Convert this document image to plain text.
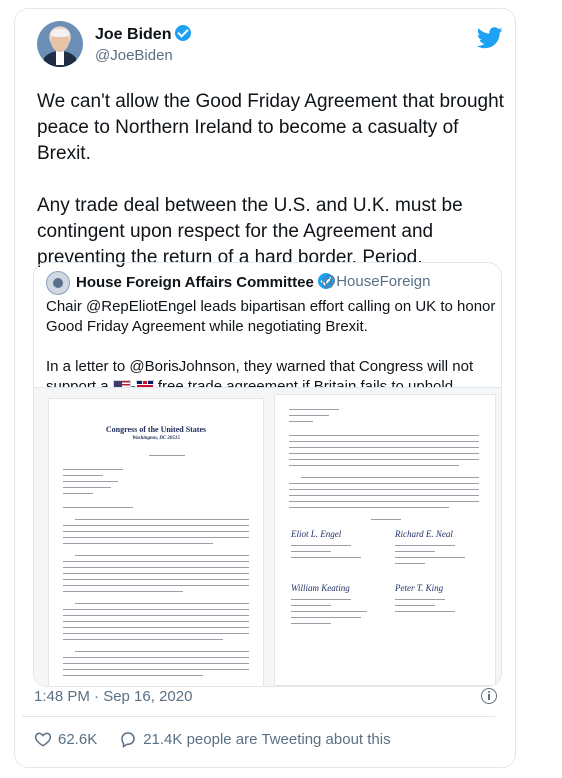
Joe Biden
@JoeBiden
We can't allow the Good Friday Agreement that brought peace to Northern Ireland to become a casualty of Brexit.

Any trade deal between the U.S. and U.K. must be contingent upon respect for the Agreement and preventing the return of a hard border. Period.
House Foreign Affairs Committee @HouseForeign
Chair @RepEliotEngel leads bipartisan effort calling on UK to honor Good Friday Agreement while negotiating Brexit.

In a letter to @BorisJohnson, they warned that Congress will not
Congress of the United States
Washington, DC 20515
Eliot L. Engel	Richard E. Neal
William Keating	Peter T. King
1:48 PM · Sep 16, 2020
62.6K	21.4K people are Tweeting about this
